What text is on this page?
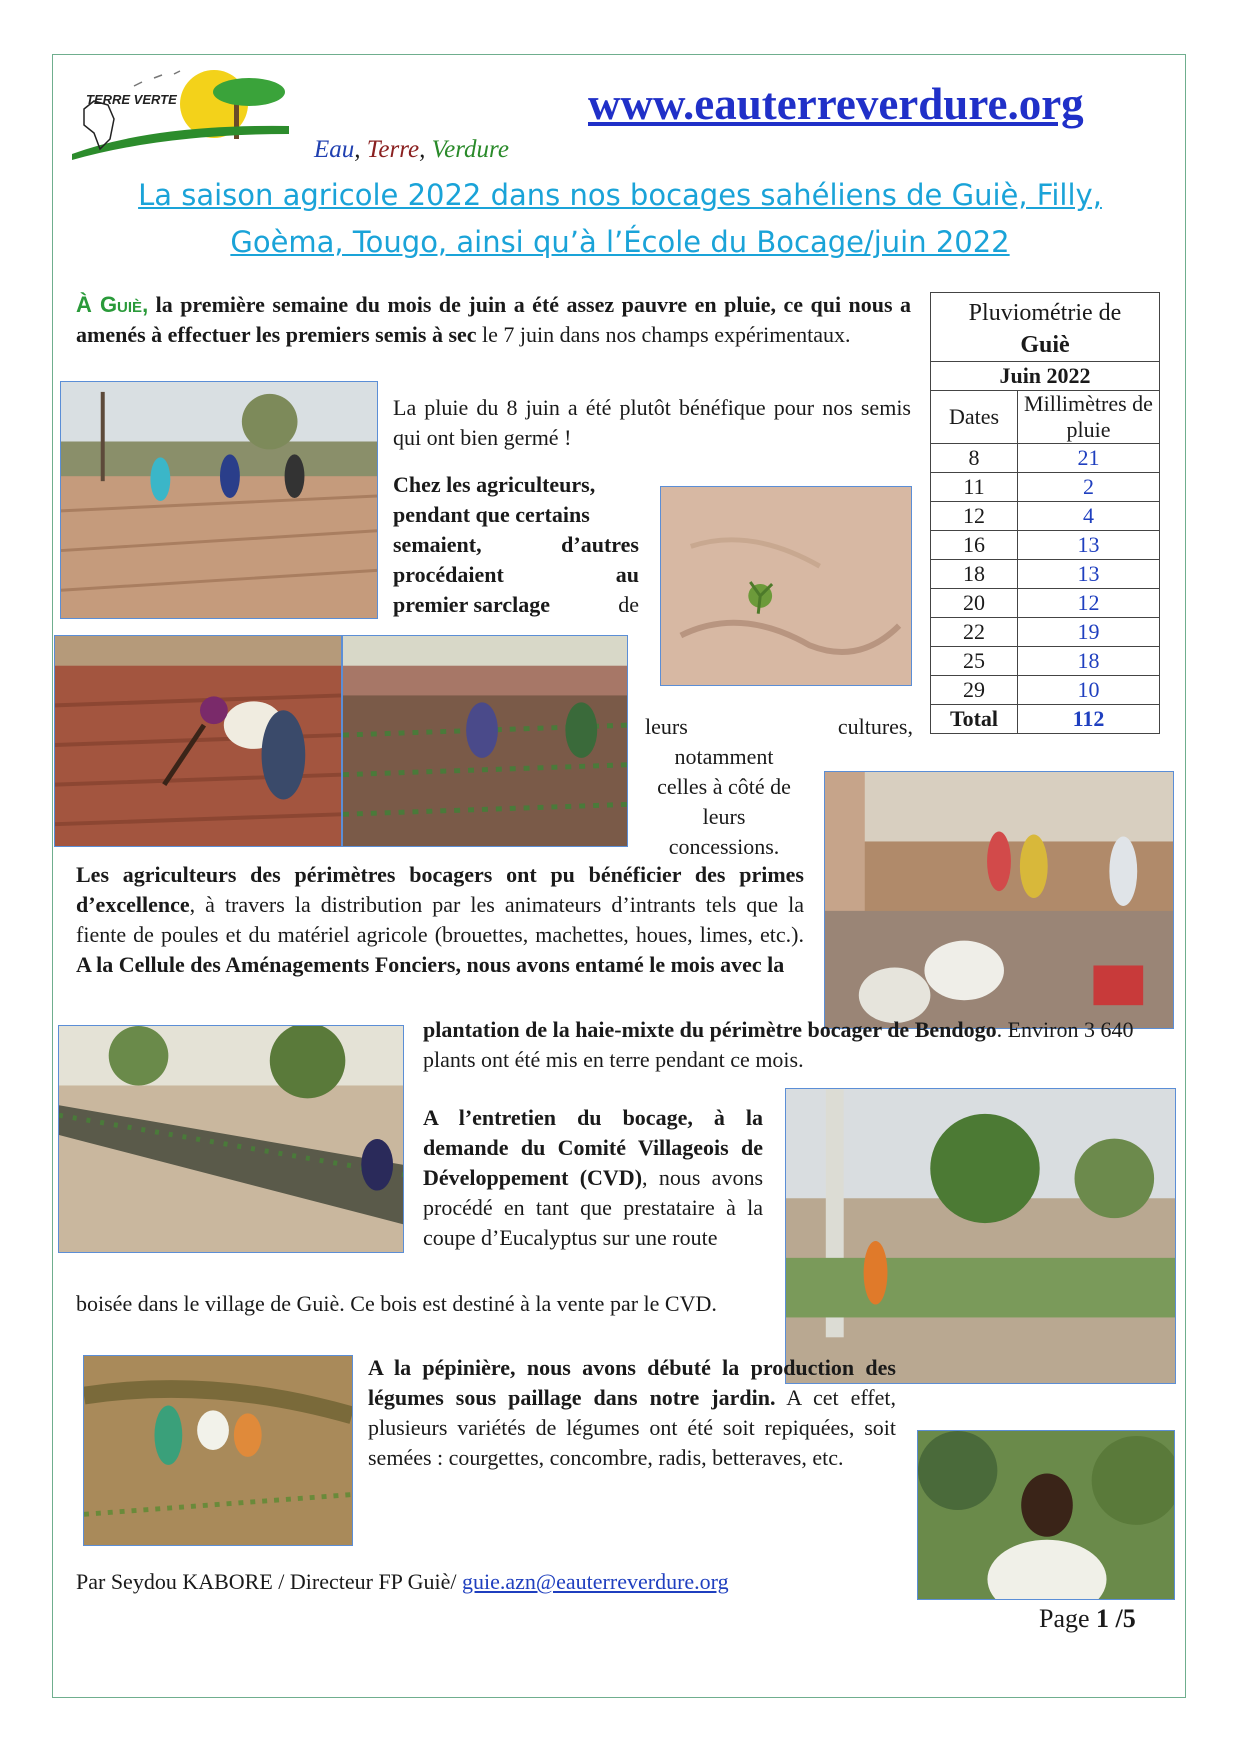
TERRE VERTE	www.eauterreverdure.org
Eau, Terre, Verdure
La saison agricole 2022 dans nos bocages sahéliens de Guiè, Filly,
Goèma, Tougo, ainsi qu’à l’École du Bocage/juin 2022

À Guiè, la première semaine du mois de juin a été assez pauvre en pluie, ce qui nous a amenés à effectuer les premiers semis à sec le 7 juin dans nos champs expérimentaux.

Pluviométrie de
Guiè	
Juin 2022	
Dates	Millimètres de pluie
8	21
11	2
12	4
16	13
18	13
20	12
22	19
25	18
29	10
Total	112

La pluie du 8 juin a été plutôt bénéfique pour nos semis qui ont bien germé !

Chez les agriculteurs,
pendant que certains
semaient,	d’autres
procédaient	au
premier sarclage	de
leurs	cultures,
notamment
celles à côté de
leurs
concessions.

Les agriculteurs des périmètres bocagers ont pu bénéficier des primes d’excellence, à travers la distribution par les animateurs d’intrants tels que la fiente de poules et du matériel agricole (brouettes, machettes, houes, limes, etc.). A la Cellule des Aménagements Fonciers, nous avons entamé le mois avec la

plantation de la haie-mixte du périmètre bocager de Bendogo. Environ 3 640 plants ont été mis en terre pendant ce mois.

A l’entretien du bocage, à la demande du Comité Villageois de Développement (CVD), nous avons procédé en tant que prestataire à la coupe d’Eucalyptus sur une route

boisée dans le village de Guiè. Ce bois est destiné à la vente par le CVD.

A la pépinière, nous avons débuté la production des légumes sous paillage dans notre jardin. A cet effet, plusieurs variétés de légumes ont été soit repiquées, soit semées : courgettes, concombre, radis, betteraves, etc.

Par Seydou KABORE / Directeur FP Guiè/ guie.azn@eauterreverdure.org
Page 1 /5
